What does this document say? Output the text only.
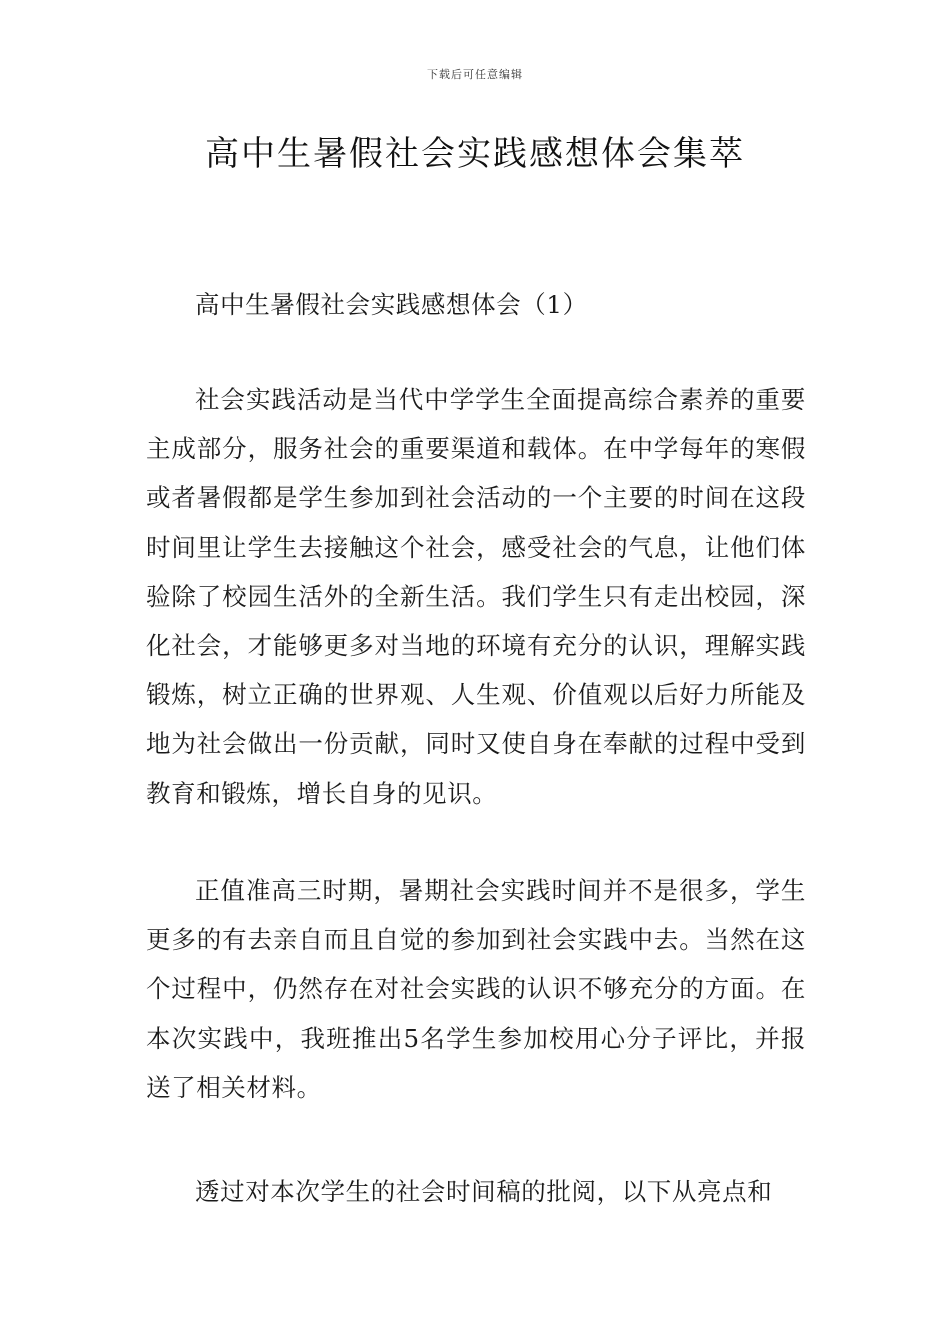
下载后可任意编辑
高中生暑假社会实践感想体会集萃

高中生暑假社会实践感想体会（1）

社会实践活动是当代中学学生全面提高综合素养的重要主成部分，服务社会的重要渠道和载体。在中学每年的寒假或者暑假都是学生参加到社会活动的一个主要的时间在这段时间里让学生去接触这个社会，感受社会的气息，让他们体验除了校园生活外的全新生活。我们学生只有走出校园，深化社会，才能够更多对当地的环境有充分的认识，理解实践锻炼，树立正确的世界观、人生观、价值观以后好力所能及地为社会做出一份贡献，同时又使自身在奉献的过程中受到教育和锻炼，增长自身的见识。

正值准高三时期，暑期社会实践时间并不是很多，学生更多的有去亲自而且自觉的参加到社会实践中去。当然在这个过程中，仍然存在对社会实践的认识不够充分的方面。在本次实践中，我班推出5名学生参加校用心分子评比，并报送了相关材料。

透过对本次学生的社会时间稿的批阅，以下从亮点和
